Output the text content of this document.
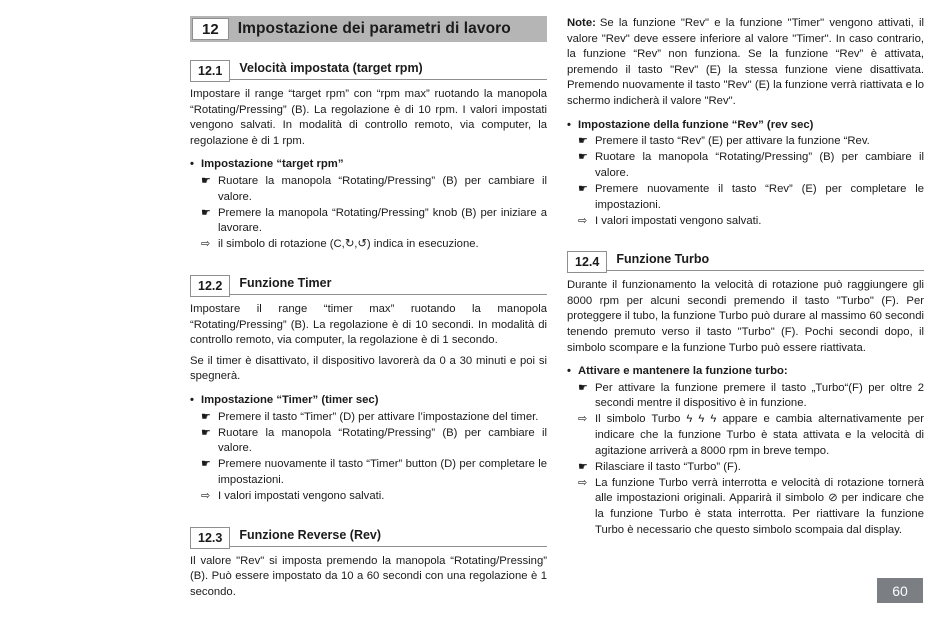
12	Impostazione dei parametri di lavoro
12.1	Velocità impostata (target rpm)

Impostare il range “target rpm” con “rpm max” ruotando la manopola “Rotating/Pressing” (B). La regolazione è di 10 rpm. I valori impostati vengono salvati. In modalità di controllo remoto, via computer, la regolazione è di 1 rpm.

• Impostazione “target rpm”
☛ Ruotare la manopola “Rotating/Pressing” (B) per cambiare il valore.
☛ Premere la manopola “Rotating/Pressing” knob (B) per iniziare a lavorare.
⇨ il simbolo di rotazione (C,↻,↺) indica in esecuzione.
12.2	Funzione Timer

Impostare il range “timer max” ruotando la manopola “Rotating/Pressing” (B). La regolazione è di 10 secondi. In modalità di controllo remoto, via computer, la regolazione è di 1 secondo.

Se il timer è disattivato, il dispositivo lavorerà da 0 a 30 minuti e poi si spegnerà.

• Impostazione “Timer” (timer sec)
☛ Premere il tasto “Timer” (D) per attivare l’impostazione del timer.
☛ Ruotare la manopola “Rotating/Pressing” (B) per cambiare il valore.
☛ Premere nuovamente il tasto “Timer” button (D) per completare le impostazioni.
⇨ I valori impostati vengono salvati.
12.3	Funzione Reverse (Rev)

Il valore "Rev" si imposta premendo la manopola “Rotating/Pressing” (B). Può essere impostato da 10 a 60 secondi con una regolazione è 1 secondo.

Note: Se la funzione "Rev" e la funzione "Timer" vengono attivati, il valore "Rev" deve essere inferiore al valore "Timer". In caso contrario, la funzione “Rev” non funziona. Se la funzione “Rev” è attivata, premendo il tasto "Rev" (E) la stessa funzione viene disattivata. Premendo nuovamente il tasto "Rev" (E) la funzione verrà riattivata e lo schermo indicherà il valore "Rev".

• Impostazione della funzione “Rev” (rev sec)
☛ Premere il tasto “Rev” (E) per attivare la funzione “Rev.
☛ Ruotare la manopola “Rotating/Pressing” (B) per cambiare il valore.
☛ Premere nuovamente il tasto “Rev” (E) per completare le impostazioni.
⇨ I valori impostati vengono salvati.
12.4	Funzione Turbo

Durante il funzionamento la velocità di rotazione può raggiungere gli 8000 rpm per alcuni secondi premendo il tasto "Turbo" (F). Per proteggere il tubo, la funzione Turbo può durare al massimo 60 secondi tenendo premuto verso il tasto "Turbo" (F). Pochi secondi dopo, il simbolo scompare e la funzione Turbo può essere riattivata.

• Attivare e mantenere la funzione turbo:
☛ Per attivare la funzione premere il tasto „Turbo“(F) per oltre 2 secondi mentre il dispositivo è in funzione.
⇨ Il simbolo Turbo ϟ ϟ ϟ appare e cambia alternativamente per indicare che la funzione Turbo è stata attivata e la velocità di agitazione arriverà a 8000 rpm in breve tempo.
☛ Rilasciare il tasto “Turbo” (F).
⇨ La funzione Turbo verrà interrotta e velocità di rotazione tornerà alle impostazioni originali. Apparirà il simbolo ⊘ per indicare che la funzione Turbo è stata interrotta. Per riattivare la funzione Turbo è necessario che questo simbolo scompaia dal display.
60
